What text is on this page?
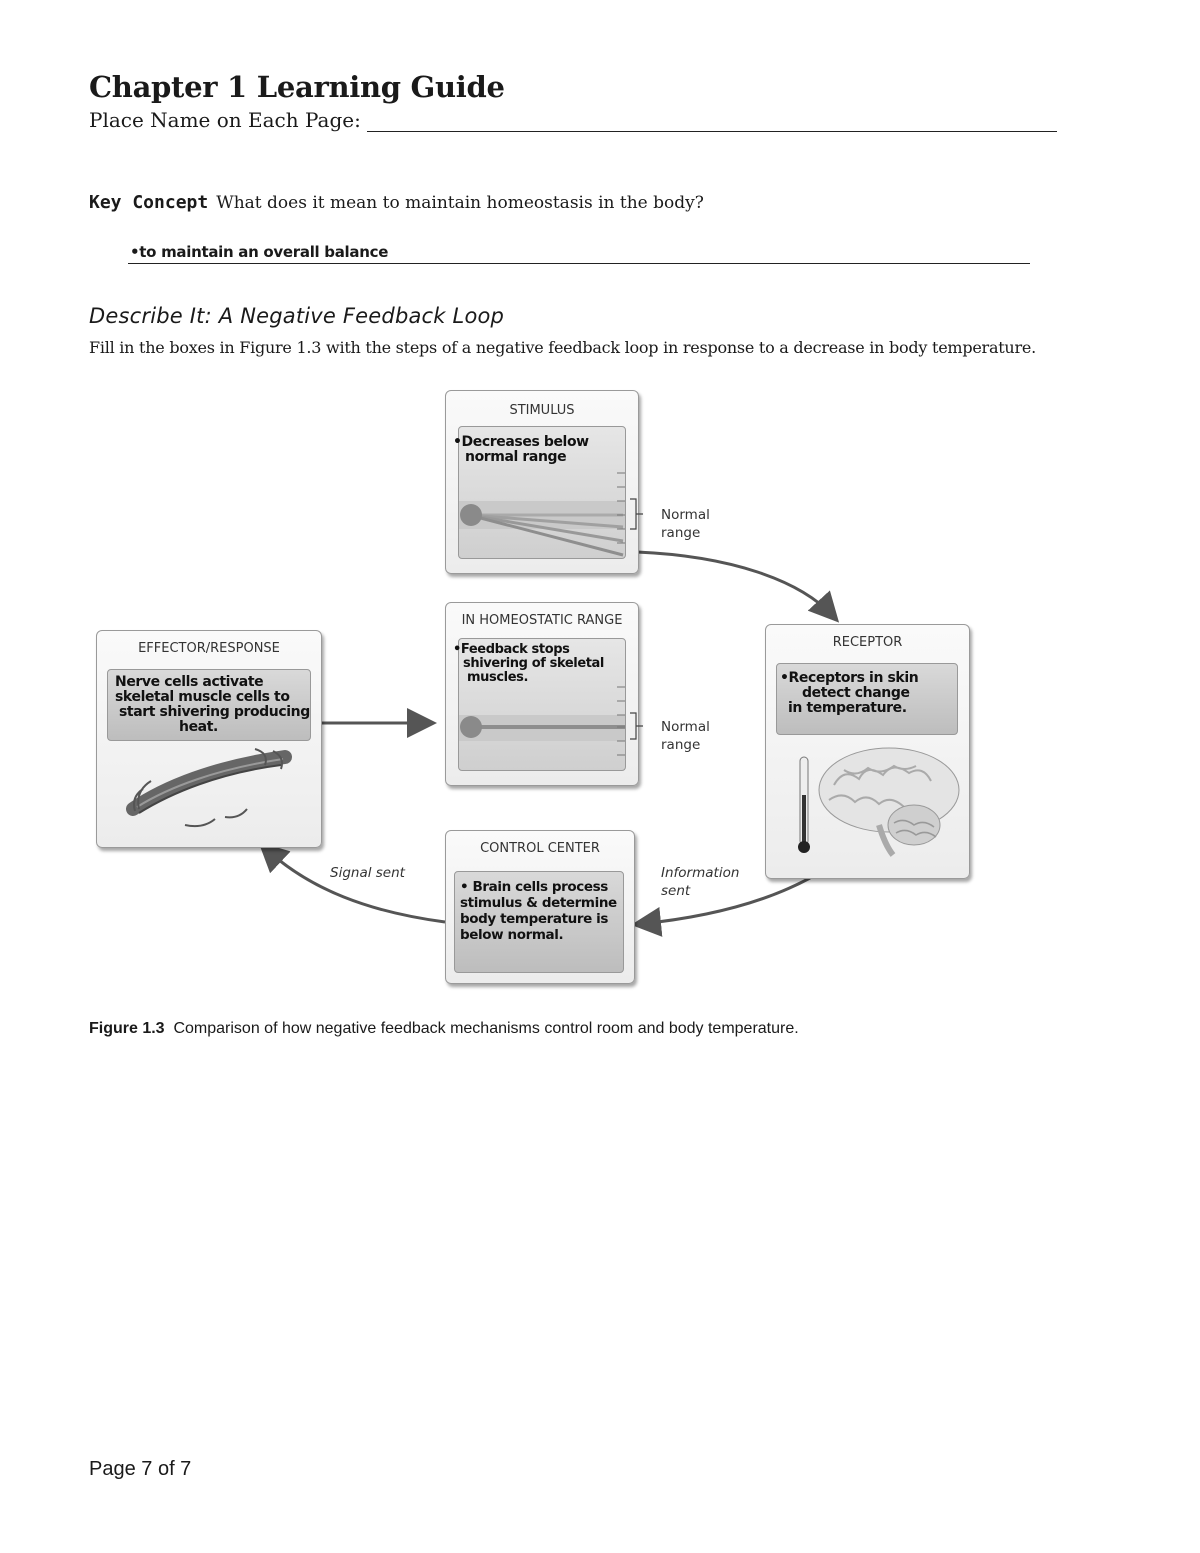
Chapter 1 Learning Guide
Place Name on Each Page:
Key Concept What does it mean to maintain homeostasis in the body?
•to maintain an overall balance
Describe It: A Negative Feedback Loop
Fill in the boxes in Figure 1.3 with the steps of a negative feedback loop in response to a decrease in body temperature.
STIMULUS
•Decreases below
normal range
Normal
range
IN HOMEOSTATIC RANGE
•Feedback stops
shivering of skeletal
muscles.
Normal
range
RECEPTOR
•Receptors in skin
detect change
in temperature.
EFFECTOR/RESPONSE
Nerve cells activate
skeletal muscle cells to
start shivering producing
heat.
CONTROL CENTER
• Brain cells process
stimulus & determine
body temperature is
below normal.
Signal sent	Information
sent
Figure 1.3 Comparison of how negative feedback mechanisms control room and body temperature.
Page 7 of 7
